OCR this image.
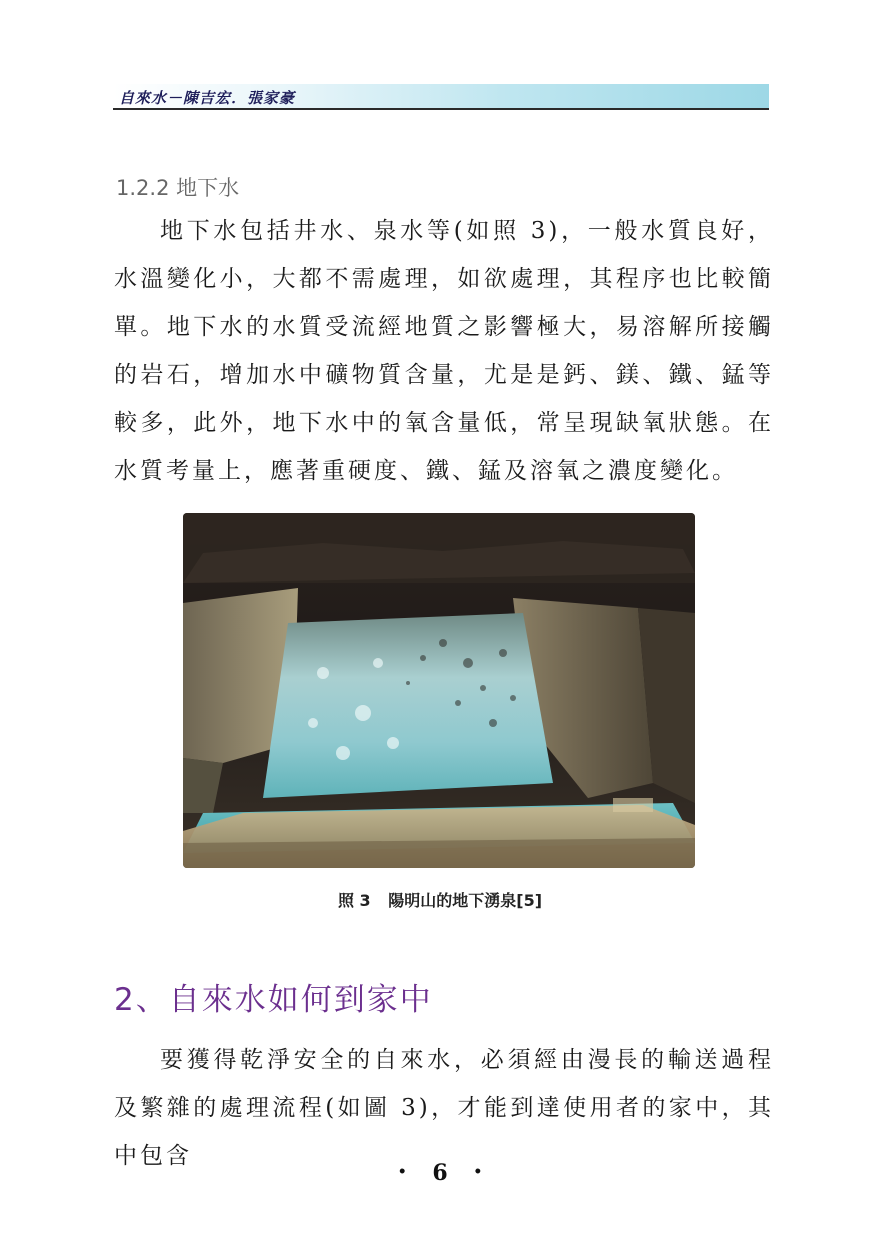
自來水－陳吉宏．張家豪
1.2.2 地下水

地下水包括井水、泉水等(如照 3)，一般水質良好，水溫變化小，大都不需處理，如欲處理，其程序也比較簡單。地下水的水質受流經地質之影響極大，易溶解所接觸的岩石，增加水中礦物質含量，尤是是鈣、鎂、鐵、錳等較多，此外，地下水中的氧含量低，常呈現缺氧狀態。在水質考量上，應著重硬度、鐵、錳及溶氧之濃度變化。

照 3 陽明山的地下湧泉[5]
2、自來水如何到家中

要獲得乾淨安全的自來水，必須經由漫長的輸送過程及繁雜的處理流程(如圖 3)，才能到達使用者的家中，其中包含

• 6 •
